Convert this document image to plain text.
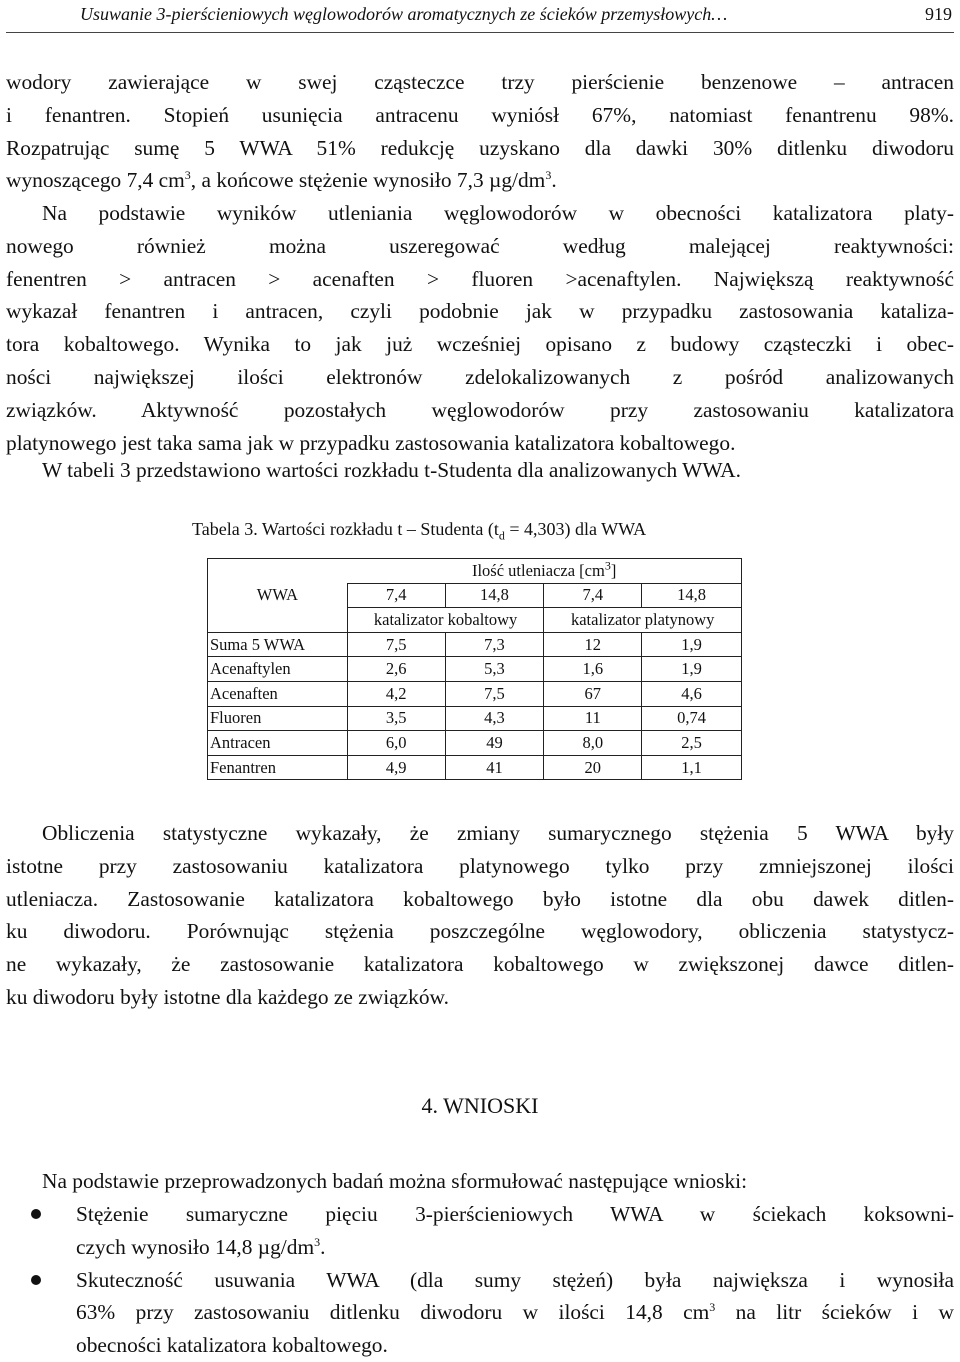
Usuwanie 3-pierścieniowych węglowodorów aromatycznych ze ścieków przemysłowych…	919
wodory zawierające w swej cząsteczce trzy pierścienie benzenowe – antracen
i fenantren. Stopień usunięcia antracenu wyniósł 67%, natomiast fenantrenu 98%.
Rozpatrując sumę 5 WWA 51% redukcję uzyskano dla dawki 30% ditlenku diwodoru
wynoszącego 7,4 $cm^3$, a końcowe stężenie wynosiło 7,3 $\mu g/dm^3$.
Na podstawie wyników utleniania węglowodorów w obecności katalizatora platy-
nowego również można uszeregować według malejącej reaktywności:
fenentren > antracen > acenaften > fluoren >acenaftylen. Największą reaktywność
wykazał fenantren i antracen, czyli podobnie jak w przypadku zastosowania kataliza-
tora kobaltowego. Wynika to jak już wcześniej opisano z budowy cząsteczki i obec-
ności największej ilości elektronów zdelokalizowanych z pośród analizowanych
związków. Aktywność pozostałych węglowodorów przy zastosowaniu katalizatora
platynowego jest taka sama jak w przypadku zastosowania katalizatora kobaltowego.
W tabeli 3 przedstawiono wartości rozkładu t-Studenta dla analizowanych WWA.
Tabela 3. Wartości rozkładu t – Studenta $(t_d = 4,303)$ dla WWA
	Ilość utleniacza $[cm^3]$			
WWA	7,4	14,8	7,4	14,8
	katalizator kobaltowy		katalizator platynowy	
Suma 5 WWA	7,5	7,3	12	1,9
Acenaftylen	2,6	5,3	1,6	1,9
Acenaften	4,2	7,5	67	4,6
Fluoren	3,5	4,3	11	0,74
Antracen	6,0	49	8,0	2,5
Fenantren	4,9	41	20	1,1
Obliczenia statystyczne wykazały, że zmiany sumarycznego stężenia 5 WWA były
istotne przy zastosowaniu katalizatora platynowego tylko przy zmniejszonej ilości
utleniacza. Zastosowanie katalizatora kobaltowego było istotne dla obu dawek ditlen-
ku diwodoru. Porównując stężenia poszczególne węglowodory, obliczenia statystycz-
ne wykazały, że zastosowanie katalizatora kobaltowego w zwiększonej dawce ditlen-
ku diwodoru były istotne dla każdego ze związków.
4. WNIOSKI
Na podstawie przeprowadzonych badań można sformułować następujące wnioski:
Stężenie sumaryczne pięciu 3-pierścieniowych WWA w ściekach koksowni-
czych wynosiło 14,8 $\mu g/dm^3$.
Skuteczność usuwania WWA (dla sumy stężeń) była największa i wynosiła
63% przy zastosowaniu ditlenku diwodoru w ilości 14,8 $cm^3$ na litr ścieków i w
obecności katalizatora kobaltowego.
